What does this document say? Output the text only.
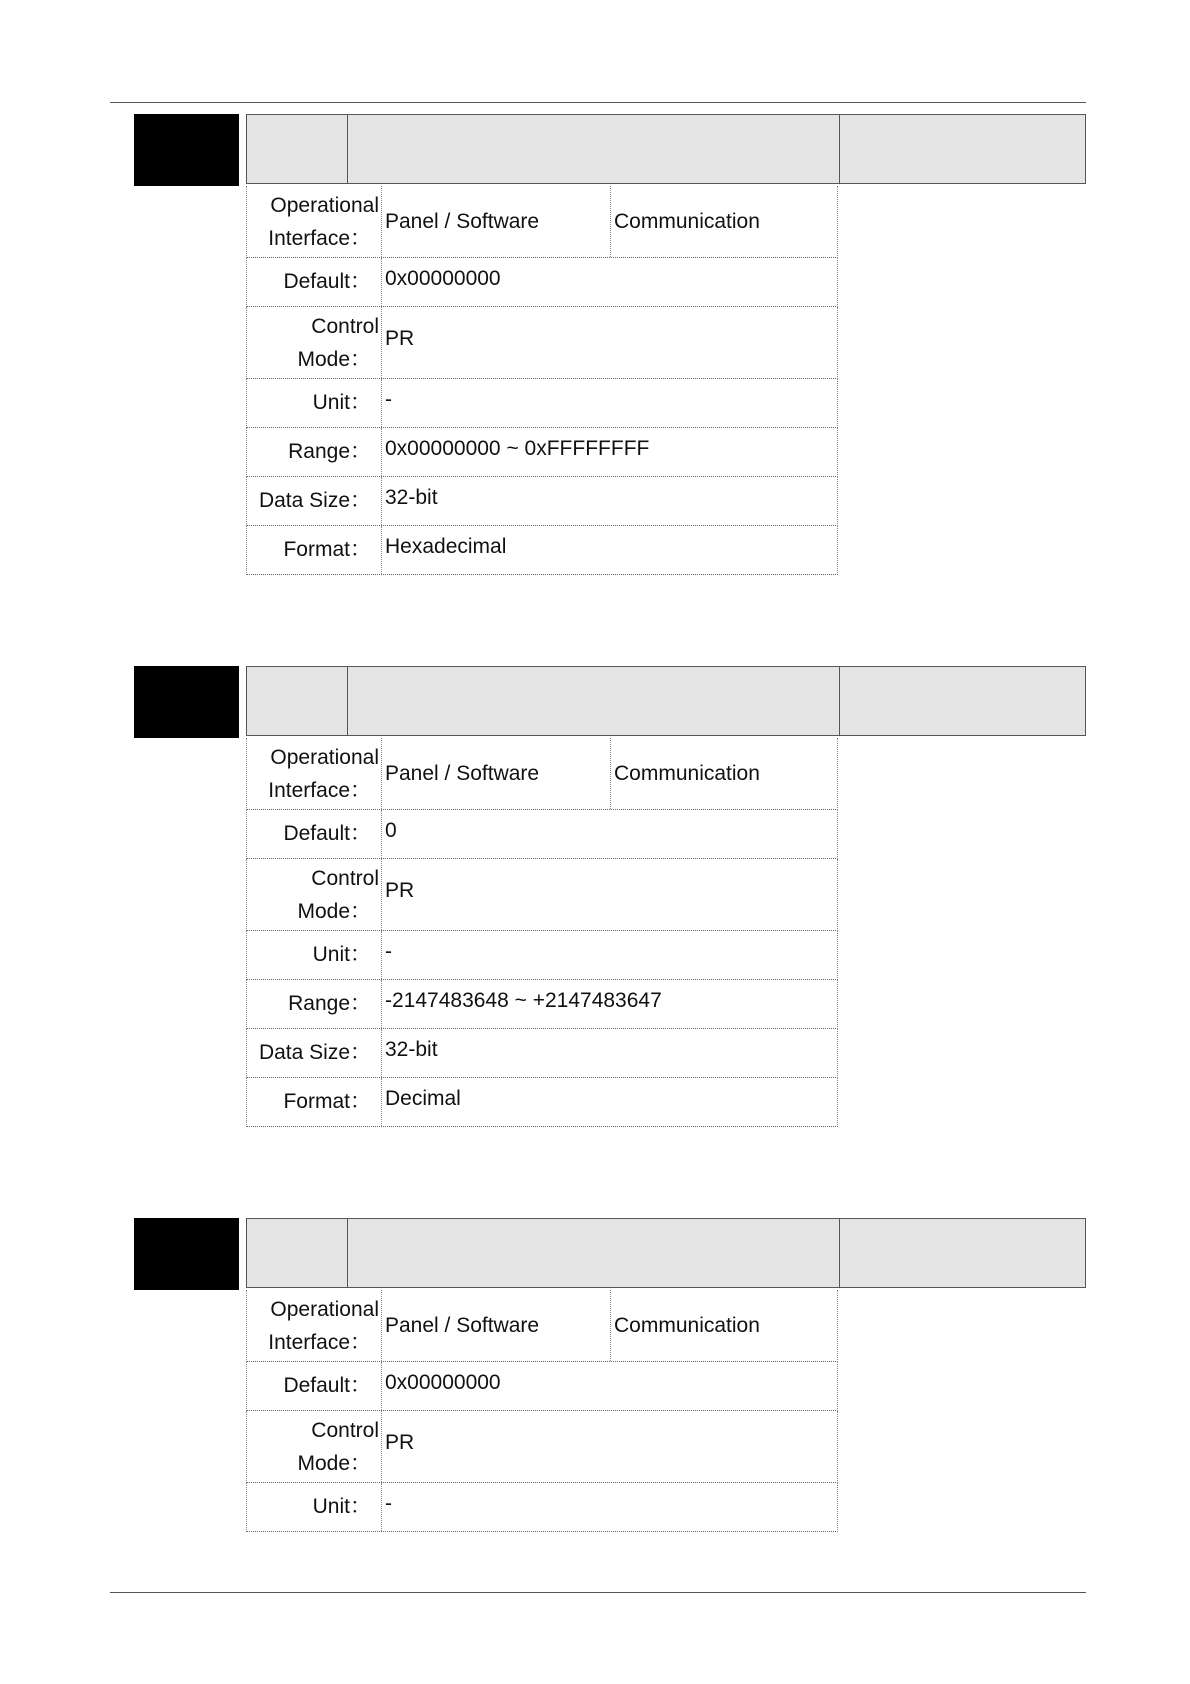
Operational
Interface：
Panel / Software	Communication
Default： 0x00000000
Control
Mode：
PR
Unit： -
Range： 0x00000000 ~ 0xFFFFFFFF
Data Size： 32-bit
Format： Hexadecimal
Operational
Interface：
Panel / Software	Communication
Default： 0
Control
Mode：
PR
Unit： -
Range： -2147483648 ~ +2147483647
Data Size： 32-bit
Format： Decimal
Operational
Interface：
Panel / Software	Communication
Default： 0x00000000
Control
Mode：
PR
Unit： -
